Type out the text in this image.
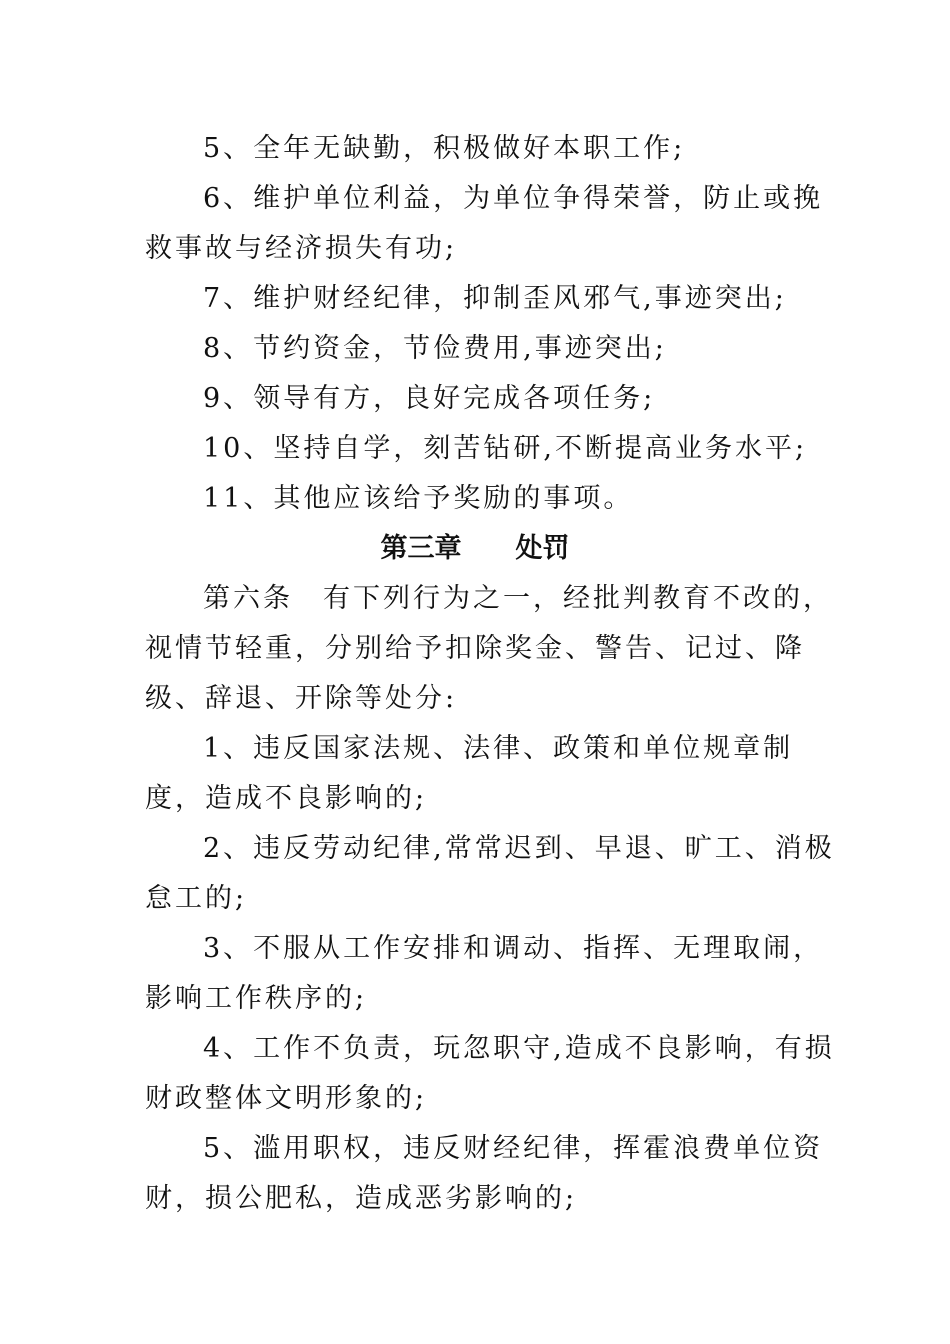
5、全年无缺勤，积极做好本职工作;
6、维护单位利益，为单位争得荣誉，防止或挽
救事故与经济损失有功;
7、维护财经纪律，抑制歪风邪气,事迹突出;
8、节约资金，节俭费用,事迹突出;
9、领导有方，良好完成各项任务;
10、坚持自学，刻苦钻研,不断提高业务水平;
11、其他应该给予奖励的事项。
第三章　　处罚
第六条　有下列行为之一，经批判教育不改的，
视情节轻重，分别给予扣除奖金、警告、记过、降
级、辞退、开除等处分:
1、违反国家法规、法律、政策和单位规章制
度，造成不良影响的;
2、违反劳动纪律,常常迟到、早退、旷工、消极
怠工的;
3、不服从工作安排和调动、指挥、无理取闹，
影响工作秩序的;
4、工作不负责，玩忽职守,造成不良影响，有损
财政整体文明形象的;
5、滥用职权，违反财经纪律，挥霍浪费单位资
财，损公肥私，造成恶劣影响的;
